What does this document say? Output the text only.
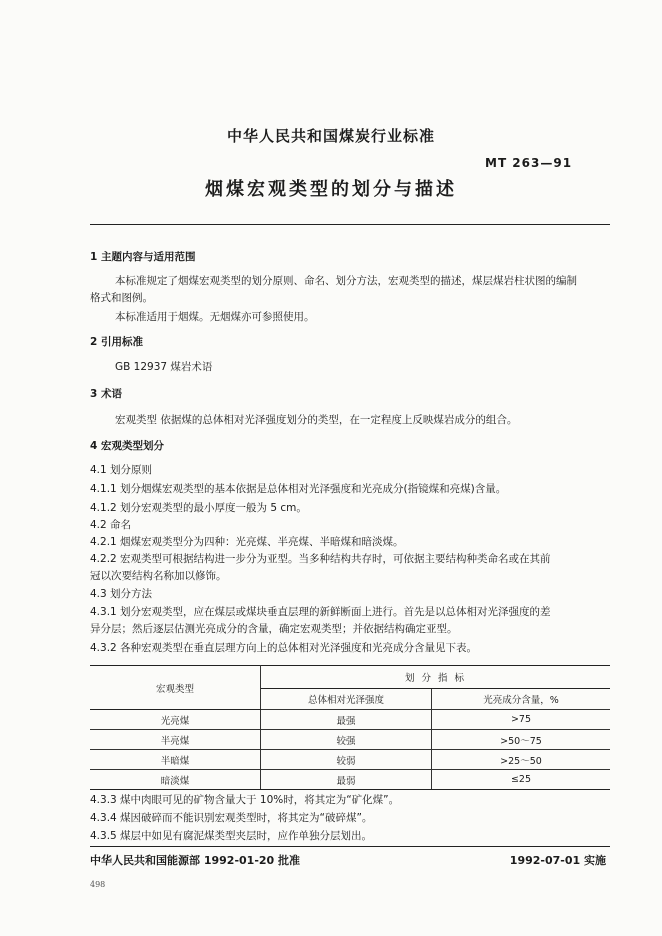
中华人民共和国煤炭行业标准
MT 263—91
烟煤宏观类型的划分与描述
1 主题内容与适用范围
本标准规定了烟煤宏观类型的划分原则、命名、划分方法，宏观类型的描述，煤层煤岩柱状图的编制
格式和图例。
本标准适用于烟煤。无烟煤亦可参照使用。
2 引用标准
GB 12937 煤岩术语
3 术语
宏观类型 依据煤的总体相对光泽强度划分的类型，在一定程度上反映煤岩成分的组合。
4 宏观类型划分
4.1 划分原则
4.1.1 划分烟煤宏观类型的基本依据是总体相对光泽强度和光亮成分(指镜煤和亮煤)含量。
4.1.2 划分宏观类型的最小厚度一般为 5 cm。
4.2 命名
4.2.1 烟煤宏观类型分为四种：光亮煤、半亮煤、半暗煤和暗淡煤。
4.2.2 宏观类型可根据结构进一步分为亚型。当多种结构共存时，可依据主要结构种类命名或在其前
冠以次要结构名称加以修饰。
4.3 划分方法
4.3.1 划分宏观类型，应在煤层或煤块垂直层理的新鲜断面上进行。首先是以总体相对光泽强度的差
异分层；然后逐层估测光亮成分的含量，确定宏观类型；并依据结构确定亚型。
4.3.2 各种宏观类型在垂直层理方向上的总体相对光泽强度和光亮成分含量见下表。
宏观类型	划 分 指 标	
	总体相对光泽强度	光亮成分含量，%
光亮煤	最强	>75
半亮煤	较强	>50～75
半暗煤	较弱	>25～50
暗淡煤	最弱	≤25
4.3.3 煤中肉眼可见的矿物含量大于 10%时，将其定为“矿化煤”。
4.3.4 煤因破碎而不能识别宏观类型时，将其定为“破碎煤”。
4.3.5 煤层中如见有腐泥煤类型夹层时，应作单独分层划出。
中华人民共和国能源部 1992-01-20 批准	1992-07-01 实施
498
